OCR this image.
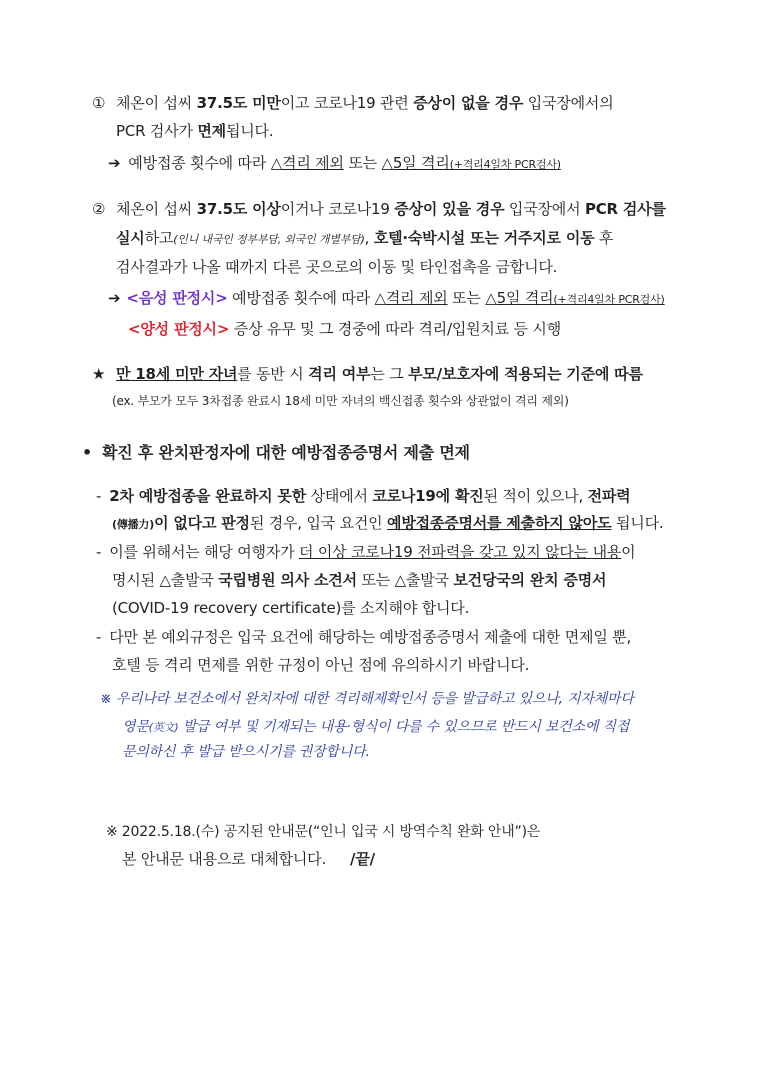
① 체온이 섭씨 37.5도 미만이고 코로나19 관련 증상이 없을 경우 입국장에서의
PCR 검사가 면제됩니다.
➔ 예방접종 횟수에 따라 △격리 제외 또는 △5일 격리(+격리4일차 PCR검사)
② 체온이 섭씨 37.5도 이상이거나 코로나19 증상이 있을 경우 입국장에서 PCR 검사를
실시하고(인니 내국인 정부부담, 외국인 개별부담), 호텔·숙박시설 또는 거주지로 이동 후
검사결과가 나올 때까지 다른 곳으로의 이동 및 타인접촉을 금합니다.
➔ <음성 판정시> 예방접종 횟수에 따라 △격리 제외 또는 △5일 격리(+격리4일차 PCR검사)
<양성 판정시> 증상 유무 및 그 경중에 따라 격리/입원치료 등 시행
★ 만 18세 미만 자녀를 동반 시 격리 여부는 그 부모/보호자에 적용되는 기준에 따름
(ex. 부모가 모두 3차접종 완료시 18세 미만 자녀의 백신접종 횟수와 상관없이 격리 제외)
• 확진 후 완치판정자에 대한 예방접종증명서 제출 면제
- 2차 예방접종을 완료하지 못한 상태에서 코로나19에 확진된 적이 있으나, 전파력
(傳播力)이 없다고 판정된 경우, 입국 요건인 예방접종증명서를 제출하지 않아도 됩니다.
- 이를 위해서는 해당 여행자가 더 이상 코로나19 전파력을 갖고 있지 않다는 내용이
명시된 △출발국 국립병원 의사 소견서 또는 △출발국 보건당국의 완치 증명서
(COVID-19 recovery certificate)를 소지해야 합니다.
- 다만 본 예외규정은 입국 요건에 해당하는 예방접종증명서 제출에 대한 면제일 뿐,
호텔 등 격리 면제를 위한 규정이 아닌 점에 유의하시기 바랍니다.
※ 우리나라 보건소에서 완치자에 대한 격리해제확인서 등을 발급하고 있으나, 지자체마다
영문(英文) 발급 여부 및 기재되는 내용·형식이 다를 수 있으므로 반드시 보건소에 직접
문의하신 후 발급 받으시기를 권장합니다.
※ 2022.5.18.(수) 공지된 안내문(“인니 입국 시 방역수칙 완화 안내”)은
본 안내문 내용으로 대체합니다. /끝/
